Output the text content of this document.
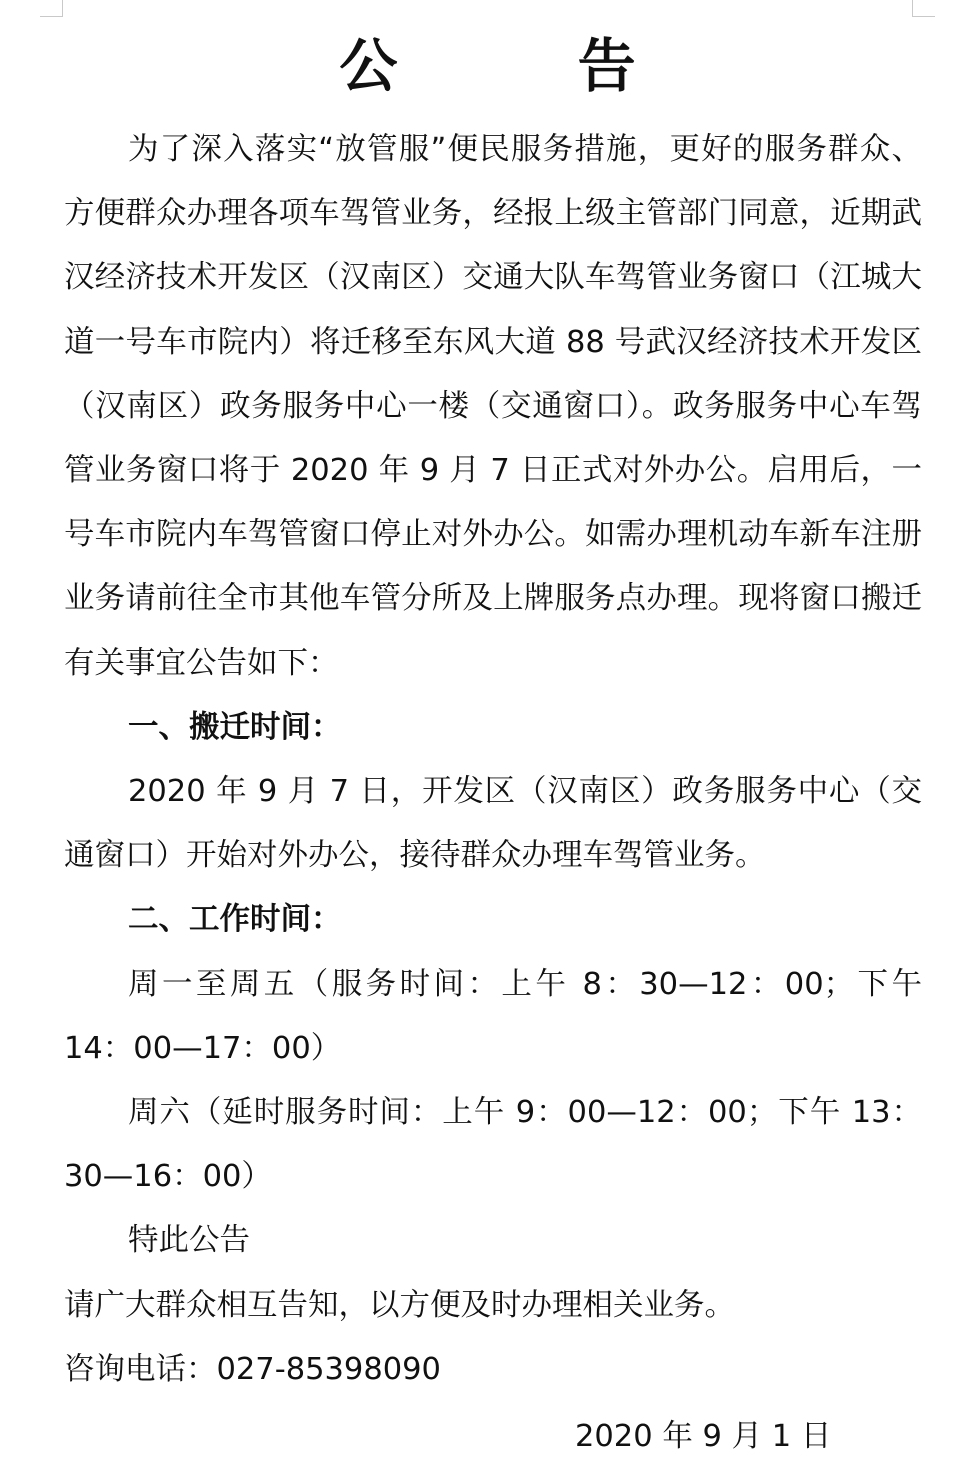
公 告

为了深入落实“放管服”便民服务措施，更好的服务群众、方便群众办理各项车驾管业务，经报上级主管部门同意，近期武汉经济技术开发区（汉南区）交通大队车驾管业务窗口（江城大道一号车市院内）将迁移至东风大道 88 号武汉经济技术开发区（汉南区）政务服务中心一楼（交通窗口）。政务服务中心车驾管业务窗口将于 2020 年 9 月 7 日正式对外办公。启用后，一号车市院内车驾管窗口停止对外办公。如需办理机动车新车注册业务请前往全市其他车管分所及上牌服务点办理。现将窗口搬迁有关事宜公告如下：

一、搬迁时间：

2020 年 9 月 7 日，开发区（汉南区）政务服务中心（交通窗口）开始对外办公，接待群众办理车驾管业务。

二、工作时间：

周一至周五（服务时间：上午 8：30—12：00；下午 14：00—17：00）

周六（延时服务时间：上午 9：00—12：00；下午 13：30—16：00）

特此公告

请广大群众相互告知，以方便及时办理相关业务。

咨询电话：027-85398090

2020 年 9 月 1 日
